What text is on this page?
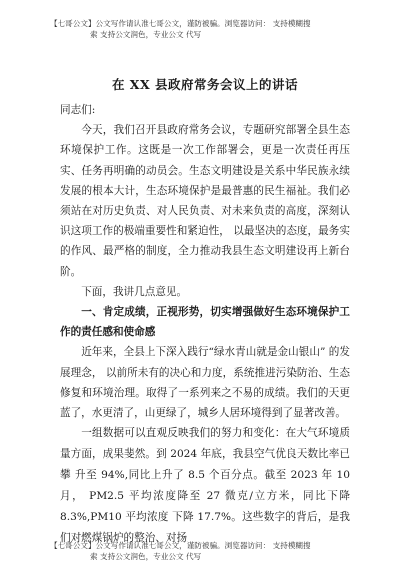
【七哥公文】公文写作请认准七哥公文，谨防被骗。浏览器访问： 支持模糊搜
索 支持公文润色，专业公文 代写
在 XX 县政府常务会议上的讲话

同志们:

今天，我们召开县政府常务会议，专题研究部署全县生态环境保护工作。这既是一次工作部署会，更是一次责任再压实、任务再明确的动员会。生态文明建设是关系中华民族永续发展的根本大计，生态环境保护是最普惠的民生福祉。我们必须站在对历史负责、对人民负责、对未来负责的高度，深刻认识这项工作的极端重要性和紧迫性， 以最坚决的态度，最务实的作风、最严格的制度，全力推动我县生态文明建设再上新台阶。

下面，我讲几点意见。

一、肯定成绩，正视形势，切实增强做好生态环境保护工作的责任感和使命感

近年来，全县上下深入践行“绿水青山就是金山银山” 的发展理念， 以前所未有的决心和力度，系统推进污染防治、生态修复和环境治理。取得了一系列来之不易的成绩。我们的天更蓝了，水更清了，山更绿了，城乡人居环境得到了显著改善。

一组数据可以直观反映我们的努力和变化：在大气环境质量方面，成果斐然。到 2024 年底，我县空气优良天数比率已攀 升至 94%,同比上升了 8.5 个百分点。截至 2023 年 10 月， PM2.5 平均浓度降至 27 微克/立方米，同比下降 8.3%,PM10 平均浓度 下降 17.7%。这些数字的背后，是我们对燃煤锅炉的整治、对扬

【七哥公文】公文写作请认准七哥公文，谨防被骗。浏览器访问： 支持模糊搜
索 支持公文润色，专业公文 代写
